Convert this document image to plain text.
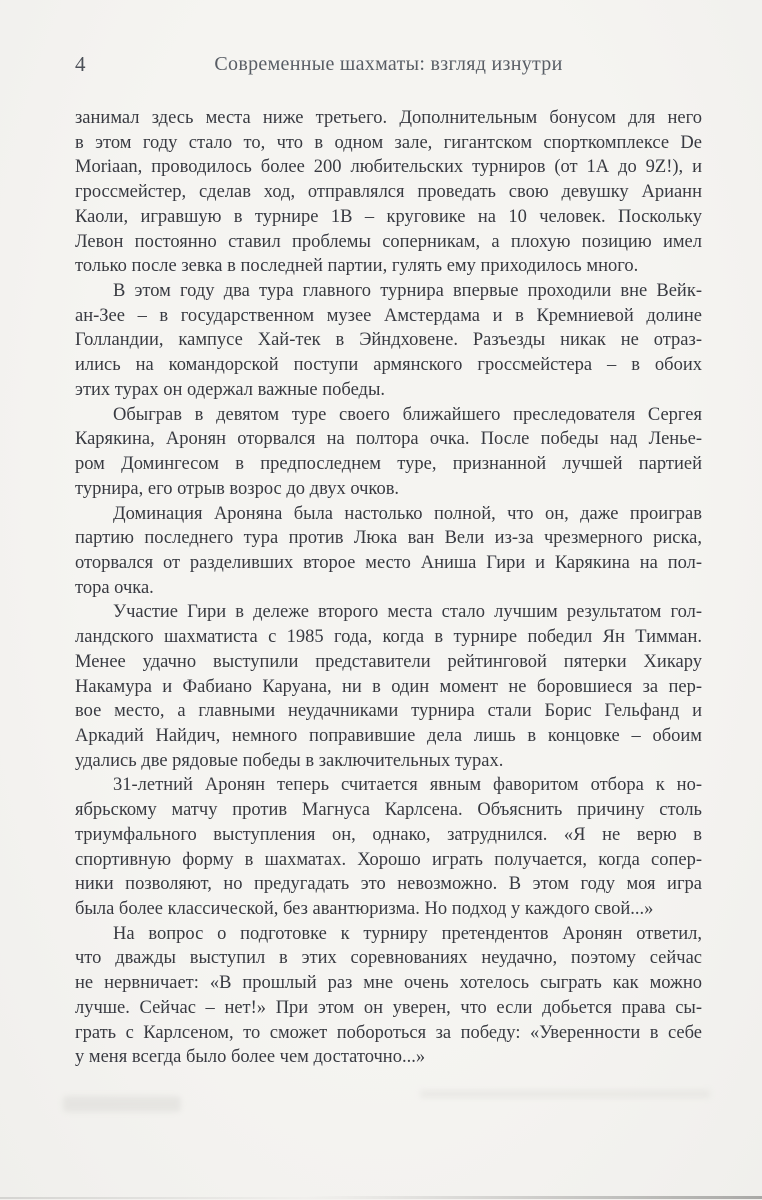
4	Современные шахматы: взгляд изнутри
занимал здесь места ниже третьего. Дополнительным бонусом для него
в этом году стало то, что в одном зале, гигантском спорткомплексе De
Moriaan, проводилось более 200 любительских турниров (от 1А до 9Z!), и
гроссмейстер, сделав ход, отправлялся проведать свою девушку Арианн
Каоли, игравшую в турнире 1В – круговике на 10 человек. Поскольку
Левон постоянно ставил проблемы соперникам, а плохую позицию имел
только после зевка в последней партии, гулять ему приходилось много.
В этом году два тура главного турнира впервые проходили вне Вейк-
ан-Зее – в государственном музее Амстердама и в Кремниевой долине
Голландии, кампусе Хай-тек в Эйндховене. Разъезды никак не отраз-
ились на командорской поступи армянского гроссмейстера – в обоих
этих турах он одержал важные победы.
Обыграв в девятом туре своего ближайшего преследователя Сергея
Карякина, Аронян оторвался на полтора очка. После победы над Ленье-
ром Домингесом в предпоследнем туре, признанной лучшей партией
турнира, его отрыв возрос до двух очков.
Доминация Ароняна была настолько полной, что он, даже проиграв
партию последнего тура против Люка ван Вели из-за чрезмерного риска,
оторвался от разделивших второе место Аниша Гири и Карякина на пол-
тора очка.
Участие Гири в дележе второго места стало лучшим результатом гол-
ландского шахматиста с 1985 года, когда в турнире победил Ян Тимман.
Менее удачно выступили представители рейтинговой пятерки Хикару
Накамура и Фабиано Каруана, ни в один момент не боровшиеся за пер-
вое место, а главными неудачниками турнира стали Борис Гельфанд и
Аркадий Найдич, немного поправившие дела лишь в концовке – обоим
удались две рядовые победы в заключительных турах.
31-летний Аронян теперь считается явным фаворитом отбора к но-
ябрьскому матчу против Магнуса Карлсена. Объяснить причину столь
триумфального выступления он, однако, затруднился. «Я не верю в
спортивную форму в шахматах. Хорошо играть получается, когда сопер-
ники позволяют, но предугадать это невозможно. В этом году моя игра
была более классической, без авантюризма. Но подход у каждого свой...»
На вопрос о подготовке к турниру претендентов Аронян ответил,
что дважды выступил в этих соревнованиях неудачно, поэтому сейчас
не нервничает: «В прошлый раз мне очень хотелось сыграть как можно
лучше. Сейчас – нет!» При этом он уверен, что если добьется права сы-
грать с Карлсеном, то сможет побороться за победу: «Уверенности в себе
у меня всегда было более чем достаточно...»
